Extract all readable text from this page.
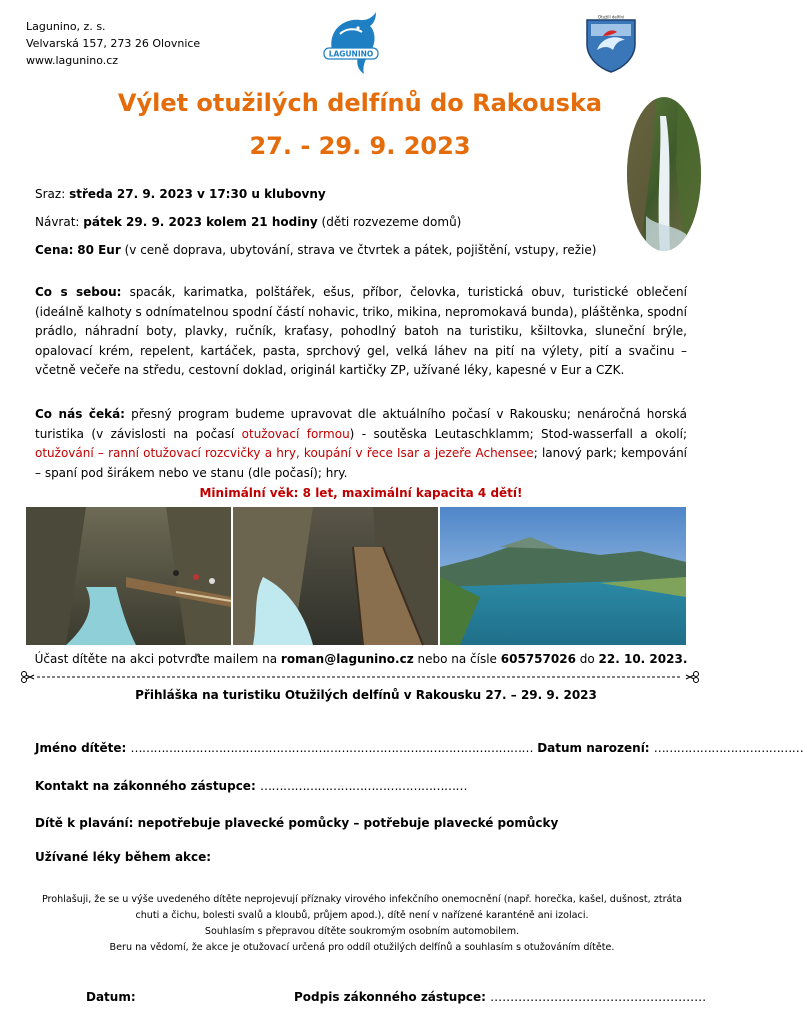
Lagunino, z. s.
Velvarská 157, 273 26 Olovnice
www.lagunino.cz	LAGUNINO
Otužilí delfíni
Výlet otužilých delfínů do Rakouska
27. - 29. 9. 2023
Sraz: středa 27. 9. 2023 v 17:30 u klubovny
Návrat: pátek 29. 9. 2023 kolem 21 hodiny (děti rozvezeme domů)
Cena: 80 Eur (v ceně doprava, ubytování, strava ve čtvrtek a pátek, pojištění, vstupy, režie)
Co s sebou: spacák, karimatka, polštářek, ešus, příbor, čelovka, turistická obuv, turistické oblečení (ideálně kalhoty s odnímatelnou spodní částí nohavic, triko, mikina, nepromokavá bunda), pláštěnka, spodní prádlo, náhradní boty, plavky, ručník, kraťasy, pohodlný batoh na turistiku, kšiltovka, sluneční brýle, opalovací krém, repelent, kartáček, pasta, sprchový gel, velká láhev na pití na výlety, pití a svačinu – včetně večeře na středu, cestovní doklad, originál kartičky ZP, užívané léky, kapesné v Eur a CZK.
Co nás čeká: přesný program budeme upravovat dle aktuálního počasí v Rakousku; nenáročná horská turistika (v závislosti na počasí otužovací formou) - soutěska Leutaschklamm; Stod-wasserfall a okolí; otužování – ranní otužovací rozcvičky a hry, koupání v řece Isar a jezeře Achensee; lanový park; kempování – spaní pod širákem nebo ve stanu (dle počasí); hry.
Minimální věk: 8 let, maximální kapacita 4 dětí!
Účast dítěte na akci potvrďte mailem na roman@lagunino.cz nebo na čísle 605757026 do 22. 10. 2023.
Přihláška na turistiku Otužilých delfínů v Rakousku 27. – 29. 9. 2023
Jméno dítěte: …………………………………………………………………………………………… Datum narození: …………………………………
Kontakt na zákonného zástupce: ………………………………………………
Dítě k plavání: nepotřebuje plavecké pomůcky – potřebuje plavecké pomůcky
Užívané léky během akce:
Prohlašuji, že se u výše uvedeného dítěte neprojevují příznaky virového infekčního onemocnění (např. horečka, kašel, dušnost, ztráta
chuti a čichu, bolesti svalů a kloubů, průjem apod.), dítě není v nařízené karanténě ani izolaci.
Souhlasím s přepravou dítěte soukromým osobním automobilem.
Beru na vědomí, že akce je otužovací určená pro oddíl otužilých delfínů a souhlasím s otužováním dítěte.
Datum:	Podpis zákonného zástupce: ………………………………………………
